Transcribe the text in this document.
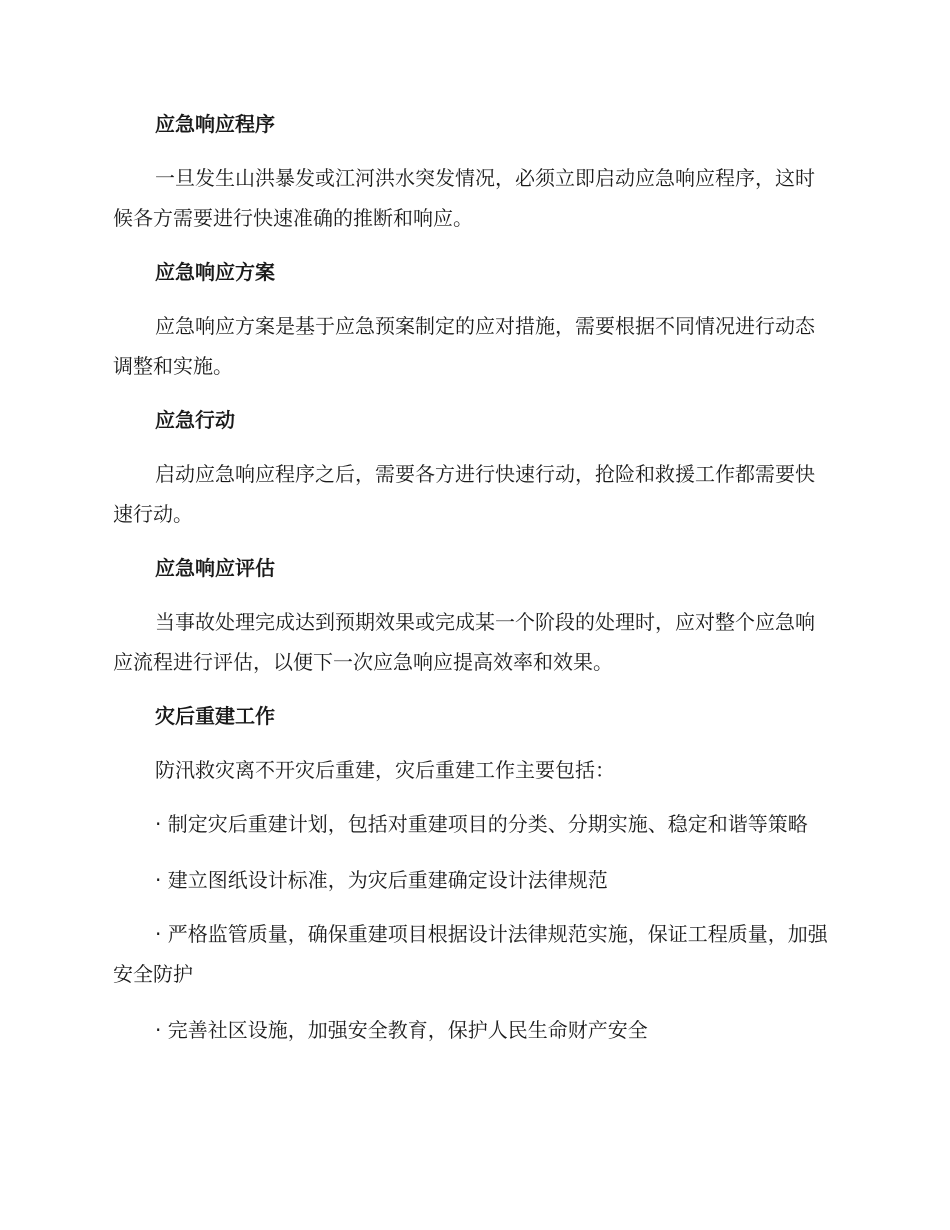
应急响应程序
一旦发生山洪暴发或江河洪水突发情况，必须立即启动应急响应程序，这时候各方需要进行快速准确的推断和响应。
应急响应方案
应急响应方案是基于应急预案制定的应对措施，需要根据不同情况进行动态调整和实施。
应急行动
启动应急响应程序之后，需要各方进行快速行动，抢险和救援工作都需要快速行动。
应急响应评估
当事故处理完成达到预期效果或完成某一个阶段的处理时，应对整个应急响应流程进行评估，以便下一次应急响应提高效率和效果。
灾后重建工作
防汛救灾离不开灾后重建，灾后重建工作主要包括：
· 制定灾后重建计划，包括对重建项目的分类、分期实施、稳定和谐等策略
· 建立图纸设计标准，为灾后重建确定设计法律规范
· 严格监管质量，确保重建项目根据设计法律规范实施，保证工程质量，加强安全防护
· 完善社区设施，加强安全教育，保护人民生命财产安全
